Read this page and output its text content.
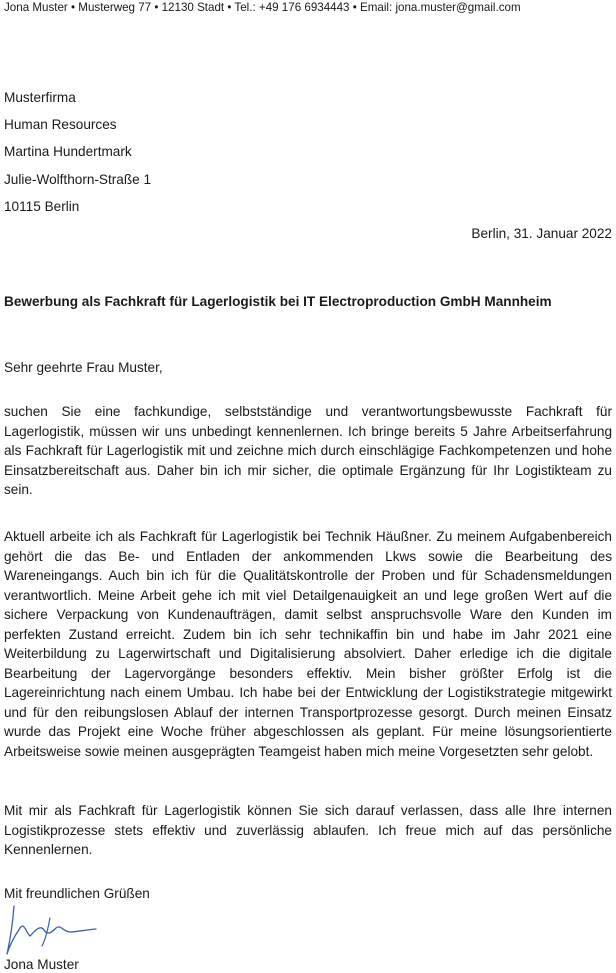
Jona Muster • Musterweg 77 • 12130 Stadt • Tel.: +49 176 6934443 • Email: jona.muster@gmail.com
Musterfirma
Human Resources
Martina Hundertmark
Julie-Wolfthorn-Straße 1
10115 Berlin
Berlin, 31. Januar 2022
Bewerbung als Fachkraft für Lagerlogistik bei IT Electroproduction GmbH Mannheim
Sehr geehrte Frau Muster,

suchen Sie eine fachkundige, selbstständige und verantwortungsbewusste Fachkraft für Lagerlogistik, müssen wir uns unbedingt kennenlernen. Ich bringe bereits 5 Jahre Arbeitserfahrung als Fachkraft für Lagerlogistik mit und zeichne mich durch einschlägige Fachkompetenzen und hohe Einsatzbereitschaft aus. Daher bin ich mir sicher, die optimale Ergänzung für Ihr Logistikteam zu sein.

Aktuell arbeite ich als Fachkraft für Lagerlogistik bei Technik Häußner. Zu meinem Aufgabenbereich gehört die das Be- und Entladen der ankommenden Lkws sowie die Bearbeitung des Wareneingangs. Auch bin ich für die Qualitätskontrolle der Proben und für Schadensmeldungen verantwortlich. Meine Arbeit gehe ich mit viel Detailgenauigkeit an und lege großen Wert auf die sichere Verpackung von Kundenaufträgen, damit selbst anspruchsvolle Ware den Kunden im perfekten Zustand erreicht. Zudem bin ich sehr technikaffin bin und habe im Jahr 2021 eine Weiterbildung zu Lagerwirtschaft und Digitalisierung absolviert. Daher erledige ich die digitale Bearbeitung der Lagervorgänge besonders effektiv. Mein bisher größter Erfolg ist die Lagereinrichtung nach einem Umbau. Ich habe bei der Entwicklung der Logistikstrategie mitgewirkt und für den reibungslosen Ablauf der internen Transportprozesse gesorgt. Durch meinen Einsatz wurde das Projekt eine Woche früher abgeschlossen als geplant. Für meine lösungsorientierte Arbeitsweise sowie meinen ausgeprägten Teamgeist haben mich meine Vorgesetzten sehr gelobt.

Mit mir als Fachkraft für Lagerlogistik können Sie sich darauf verlassen, dass alle Ihre internen Logistikprozesse stets effektiv und zuverlässig ablaufen. Ich freue mich auf das persönliche Kennenlernen.

Mit freundlichen Grüßen
Jona Muster
